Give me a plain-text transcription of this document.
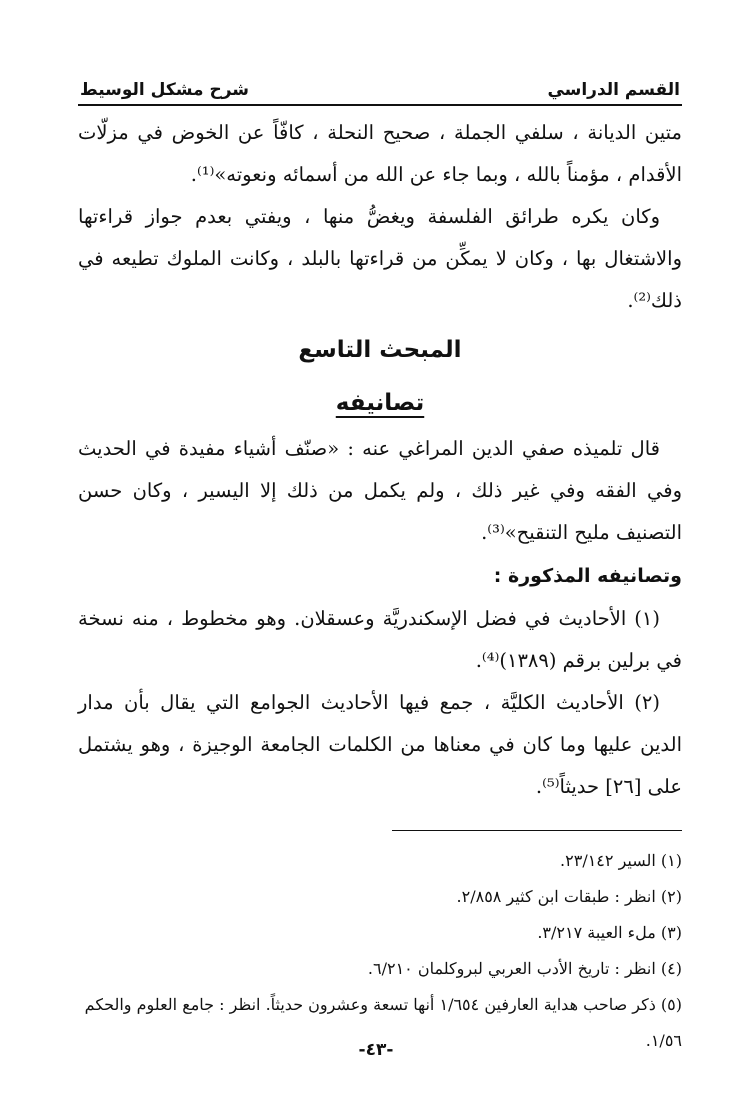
القسم الدراسي
شرح مشكل الوسيط

متين الديانة ، سلفي الجملة ، صحيح النحلة ، كافّاً عن الخوض في مزلّات الأقدام ، مؤمناً بالله ، وبما جاء عن الله من أسمائه ونعوته»⁽¹⁾.

وكان يكره طرائق الفلسفة ويغضُّ منها ، ويفتي بعدم جواز قراءتها والاشتغال بها ، وكان لا يمكِّن من قراءتها بالبلد ، وكانت الملوك تطيعه في ذلك⁽²⁾.

المبحث التاسع

تصانيفه

قال تلميذه صفي الدين المراغي عنه : «صنّف أشياء مفيدة في الحديث وفي الفقه وفي غير ذلك ، ولم يكمل من ذلك إلا اليسير ، وكان حسن التصنيف مليح التنقيح»⁽³⁾.

وتصانيفه المذكورة :

(١) الأحاديث في فضل الإسكندريَّة وعسقلان. وهو مخطوط ، منه نسخة في برلين برقم (١٣٨٩)⁽⁴⁾.

(٢) الأحاديث الكليَّة ، جمع فيها الأحاديث الجوامع التي يقال بأن مدار الدين عليها وما كان في معناها من الكلمات الجامعة الوجيزة ، وهو يشتمل على [٢٦] حديثاً⁽⁵⁾.

(١) السير ٢٣/١٤٢.
(٢) انظر : طبقات ابن كثير ٢/٨٥٨.
(٣) ملء العيبة ٣/٢١٧.
(٤) انظر : تاريخ الأدب العربي لبروكلمان ٦/٢١٠.
(٥) ذكر صاحب هداية العارفين ١/٦٥٤ أنها تسعة وعشرون حديثاً. انظر : جامع العلوم والحكم ١/٥٦.
-٤٣-
